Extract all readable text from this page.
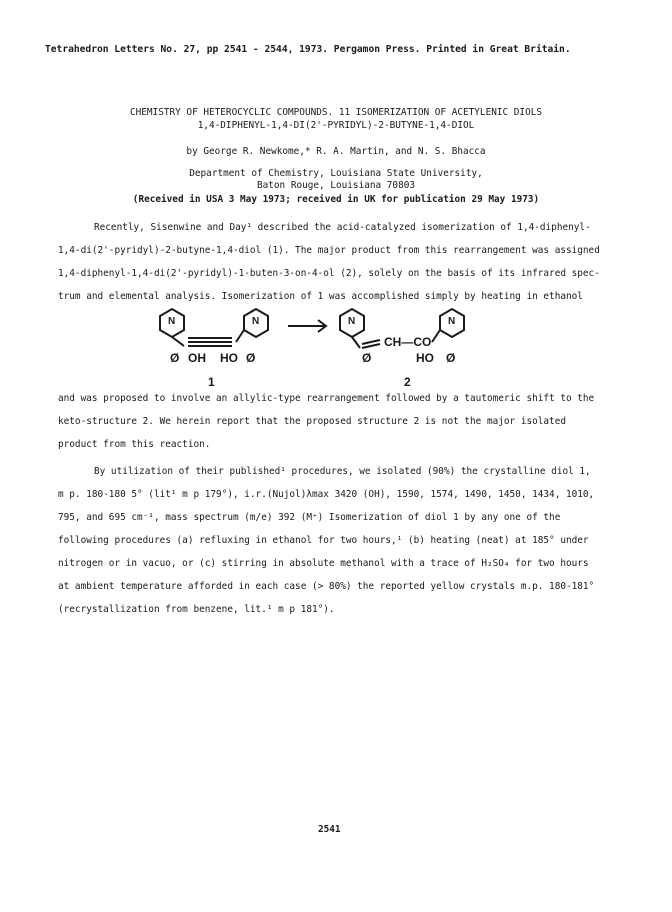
Tetrahedron Letters No. 27, pp 2541 - 2544, 1973. Pergamon Press. Printed in Great Britain.
CHEMISTRY OF HETEROCYCLIC COMPOUNDS. 11 ISOMERIZATION OF ACETYLENIC DIOLS
1,4-DIPHENYL-1,4-DI(2'-PYRIDYL)-2-BUTYNE-1,4-DIOL
by George R. Newkome,* R. A. Martin, and N. S. Bhacca
Department of Chemistry, Louisiana State University,
Baton Rouge, Louisiana 70803
(Received in USA 3 May 1973; received in UK for publication 29 May 1973)
Recently, Sisenwine and Day¹ described the acid-catalyzed isomerization of 1,4-diphenyl-
1,4-di(2'-pyridyl)-2-butyne-1,4-diol (1). The major product from this rearrangement was assigned
1,4-diphenyl-1,4-di(2'-pyridyl)-1-buten-3-on-4-ol (2), solely on the basis of its infrared spec-
trum and elemental analysis. Isomerization of 1 was accomplished simply by heating in ethanol
N	N	N	N
Ø OH HO Ø
CH—CO
Ø	HO Ø
1	2
and was proposed to involve an allylic-type rearrangement followed by a tautomeric shift to the
keto-structure 2. We herein report that the proposed structure 2 is not the major isolated
product from this reaction.
By utilization of their published¹ procedures, we isolated (90%) the crystalline diol 1,
m p. 180-180 5° (lit¹ m p 179°), i.r.(Nujol)λmax 3420 (OH), 1590, 1574, 1490, 1450, 1434, 1010,
795, and 695 cm⁻¹, mass spectrum (m/e) 392 (M⁺) Isomerization of diol 1 by any one of the
following procedures (a) refluxing in ethanol for two hours,¹ (b) heating (neat) at 185° under
nitrogen or in vacuo, or (c) stirring in absolute methanol with a trace of H₂SO₄ for two hours
at ambient temperature afforded in each case (> 80%) the reported yellow crystals m.p. 180-181°
(recrystallization from benzene, lit.¹ m p 181°).
2541
